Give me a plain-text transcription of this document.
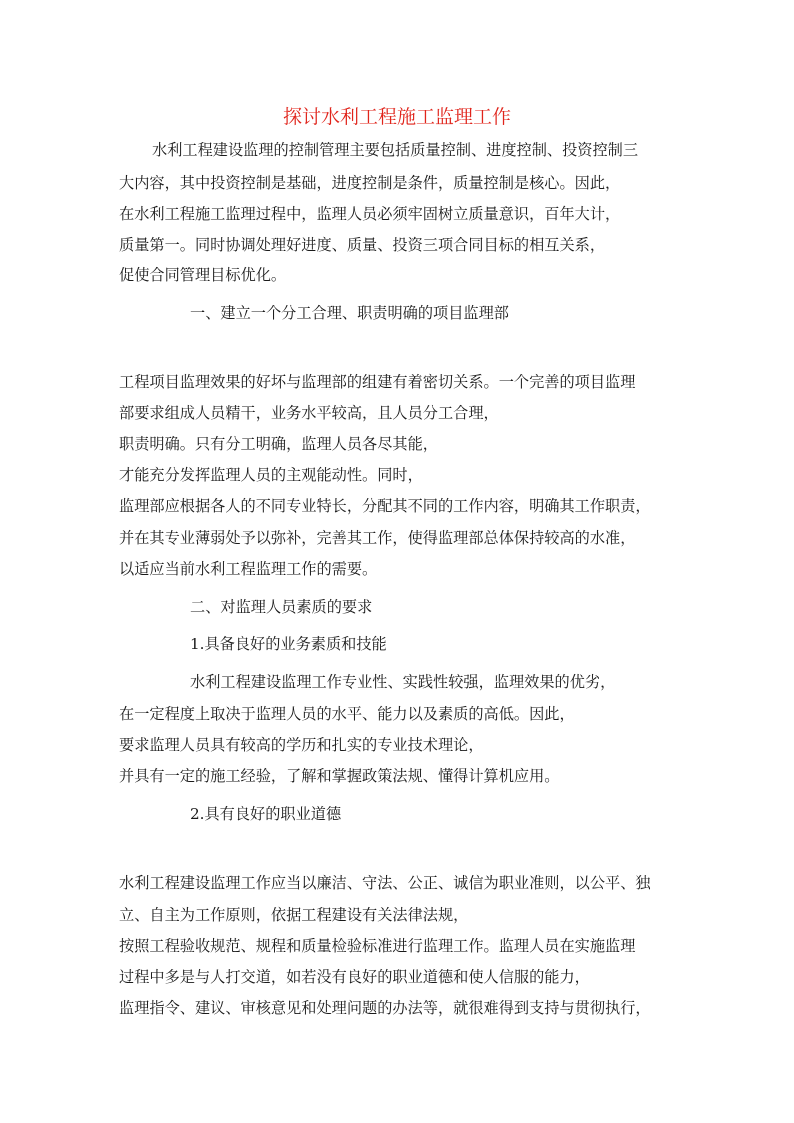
探讨水利工程施工监理工作
水利工程建设监理的控制管理主要包括质量控制、进度控制、投资控制三
大内容，其中投资控制是基础，进度控制是条件，质量控制是核心。因此，
在水利工程施工监理过程中，监理人员必须牢固树立质量意识，百年大计，
质量第一。同时协调处理好进度、质量、投资三项合同目标的相互关系，
促使合同管理目标优化。
一、建立一个分工合理、职责明确的项目监理部
工程项目监理效果的好坏与监理部的组建有着密切关系。一个完善的项目监理
部要求组成人员精干，业务水平较高，且人员分工合理，
职责明确。只有分工明确，监理人员各尽其能，
才能充分发挥监理人员的主观能动性。同时，
监理部应根据各人的不同专业特长，分配其不同的工作内容，明确其工作职责，
并在其专业薄弱处予以弥补，完善其工作，使得监理部总体保持较高的水准，
以适应当前水利工程监理工作的需要。
二、对监理人员素质的要求
1.具备良好的业务素质和技能
水利工程建设监理工作专业性、实践性较强，监理效果的优劣，
在一定程度上取决于监理人员的水平、能力以及素质的高低。因此，
要求监理人员具有较高的学历和扎实的专业技术理论，
并具有一定的施工经验，了解和掌握政策法规、懂得计算机应用。
2.具有良好的职业道德
水利工程建设监理工作应当以廉洁、守法、公正、诚信为职业准则，以公平、独
立、自主为工作原则，依据工程建设有关法律法规，
按照工程验收规范、规程和质量检验标准进行监理工作。监理人员在实施监理
过程中多是与人打交道，如若没有良好的职业道德和使人信服的能力，
监理指令、建议、审核意见和处理问题的办法等，就很难得到支持与贯彻执行，
